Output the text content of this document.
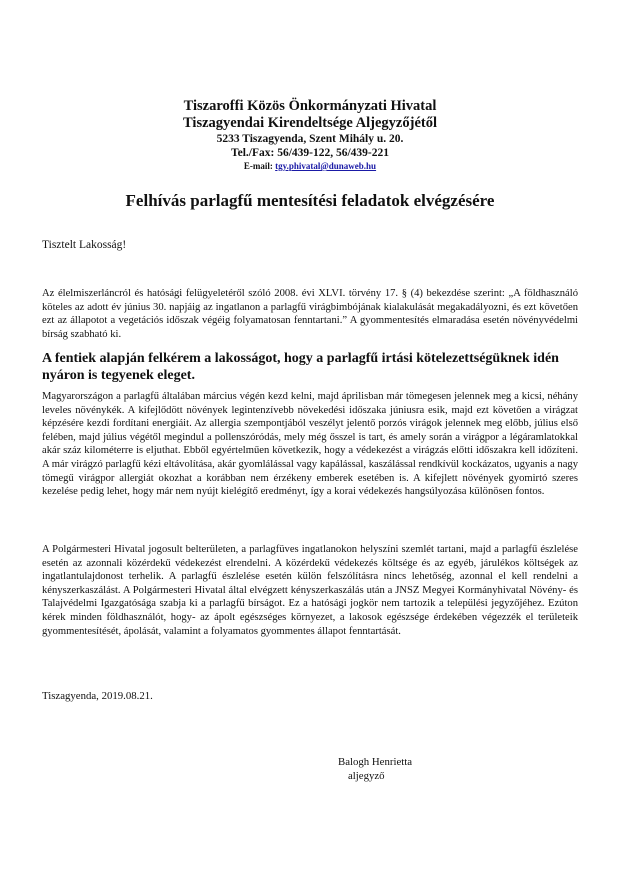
Tiszaroffi Közös Önkormányzati Hivatal
Tiszagyendai Kirendeltsége Aljegyzőjétől
5233 Tiszagyenda, Szent Mihály u. 20.
Tel./Fax: 56/439-122, 56/439-221
E-mail: tgy.phivatal@dunaweb.hu
Felhívás parlagfű mentesítési feladatok elvégzésére
Tisztelt Lakosság!
Az élelmiszerláncról és hatósági felügyeletéről szóló 2008. évi XLVI. törvény 17. § (4) bekezdése szerint: „A földhasználó köteles az adott év június 30. napjáig az ingatlanon a parlagfű virágbimbójának kialakulását megakadályozni, és ezt követően ezt az állapotot a vegetációs időszak végéig folyamatosan fenntartani.” A gyommentesítés elmaradása esetén növényvédelmi bírság szabható ki.
A fentiek alapján felkérem a lakosságot, hogy a parlagfű irtási kötelezettségüknek idén nyáron is tegyenek eleget.
Magyarországon a parlagfű általában március végén kezd kelni, majd áprilisban már tömegesen jelennek meg a kicsi, néhány leveles növénykék. A kifejlődött növények legintenzívebb növekedési időszaka júniusra esik, majd ezt követően a virágzat képzésére kezdi fordítani energiáit. Az allergia szempontjából veszélyt jelentő porzós virágok jelennek meg előbb, július első felében, majd július végétől megindul a pollenszóródás, mely még ősszel is tart, és amely során a virágpor a légáramlatokkal akár száz kilométerre is eljuthat. Ebből egyértelműen következik, hogy a védekezést a virágzás előtti időszakra kell időzíteni. A már virágzó parlagfű kézi eltávolítása, akár gyomlálással vagy kapálással, kaszálással rendkívül kockázatos, ugyanis a nagy tömegű virágpor allergiát okozhat a korábban nem érzékeny emberek esetében is. A kifejlett növények gyomirtó szeres kezelése pedig lehet, hogy már nem nyújt kielégítő eredményt, így a korai védekezés hangsúlyozása különösen fontos.
A Polgármesteri Hivatal jogosult belterületen, a parlagfüves ingatlanokon helyszíni szemlét tartani, majd a parlagfű észlelése esetén az azonnali közérdekű védekezést elrendelni. A közérdekű védekezés költsége és az egyéb, járulékos költségek az ingatlantulajdonost terhelik. A parlagfű észlelése esetén külön felszólításra nincs lehetőség, azonnal el kell rendelni a kényszerkaszálást. A Polgármesteri Hivatal által elvégzett kényszerkaszálás után a JNSZ Megyei Kormányhivatal Növény- és Talajvédelmi Igazgatósága szabja ki a parlagfű bírságot. Ez a hatósági jogkör nem tartozik a települési jegyzőjéhez. Ezúton kérek minden földhasználót, hogy- az ápolt egészséges környezet, a lakosok egészsége érdekében végezzék el területeik gyommentesítését, ápolását, valamint a folyamatos gyommentes állapot fenntartását.
Tiszagyenda, 2019.08.21.
Balogh Henrietta
aljegyző
